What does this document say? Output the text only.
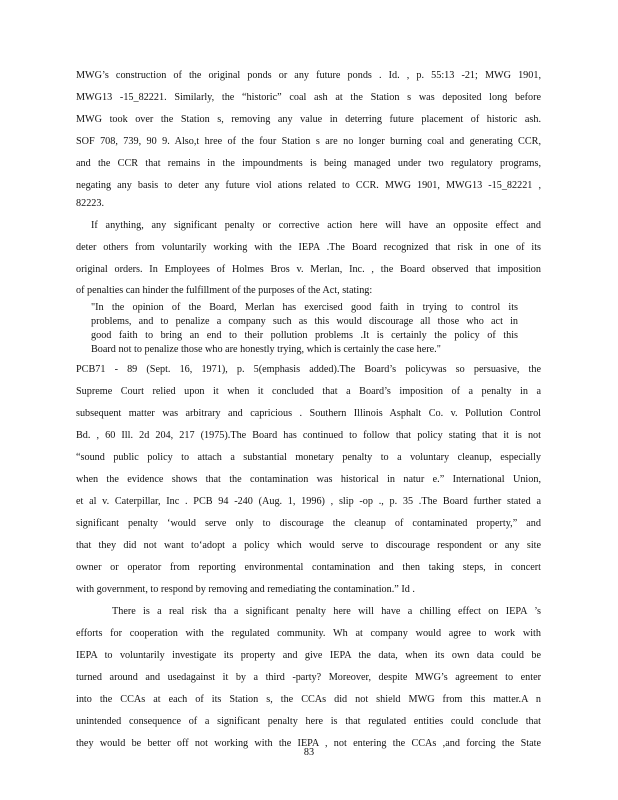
MWG’s construction of the original ponds or any future ponds . Id. , p. 55:13 -21; MWG 1901,
MWG13 -15_82221. Similarly, the “historic” coal ash at the Station s was deposited long before
MWG took over the Station s, removing any value in deterring future placement of historic ash.
SOF 708, 739, 90 9. Also,t hree of the four Station s are no longer burning coal and generating CCR,
and the CCR that remains in the impoundments is being managed under two regulatory programs,
negating any basis to deter any future viol ations related to CCR. MWG 1901, MWG13 -15_82221 ,
82223.
If anything, any significant penalty or corrective action here will have an opposite effect and
deter others from voluntarily working with the IEPA .The Board recognized that risk in one of its
original orders. In Employees of Holmes Bros v. Merlan, Inc. , the Board observed that imposition
of penalties can hinder the fulfillment of the purposes of the Act, stating:
"In the opinion of the Board, Merlan has exercised good faith in trying to control its
problems, and to penalize a company such as this would discourage all those who act in
good faith to bring an end to their pollution problems .It is certainly the policy of this
Board not to penalize those who are honestly trying, which is certainly the case here."
PCB71 - 89 (Sept. 16, 1971), p. 5(emphasis added).The Board’s policywas so persuasive, the
Supreme Court relied upon it when it concluded that a Board’s imposition of a penalty in a
subsequent matter was arbitrary and capricious . Southern Illinois Asphalt Co. v. Pollution Control
Bd. , 60 Ill. 2d 204, 217 (1975).The Board has continued to follow that policy stating that it is not
“sound public policy to attach a substantial monetary penalty to a voluntary cleanup, especially
when the evidence shows that the contamination was historical in natur e.” International Union,
et al v. Caterpillar, Inc . PCB 94 -240 (Aug. 1, 1996) , slip -op ., p. 35 .The Board further stated a
significant penalty ‘would serve only to discourage the cleanup of contaminated property,” and
that they did not want to‘adopt a policy which would serve to discourage respondent or any site
owner or operator from reporting environmental contamination and then taking steps, in concert
with government, to respond by removing and remediating the contamination.” Id .
There is a real risk tha a significant penalty here will have a chilling effect on IEPA ’s
efforts for cooperation with the regulated community. Wh at company would agree to work with
IEPA to voluntarily investigate its property and give IEPA the data, when its own data could be
turned around and usedagainst it by a third -party? Moreover, despite MWG’s agreement to enter
into the CCAs at each of its Station s, the CCAs did not shield MWG from this matter.A n
unintended consequence of a significant penalty here is that regulated entities could conclude that
they would be better off not working with the IEPA , not entering the CCAs ,and forcing the State
83
